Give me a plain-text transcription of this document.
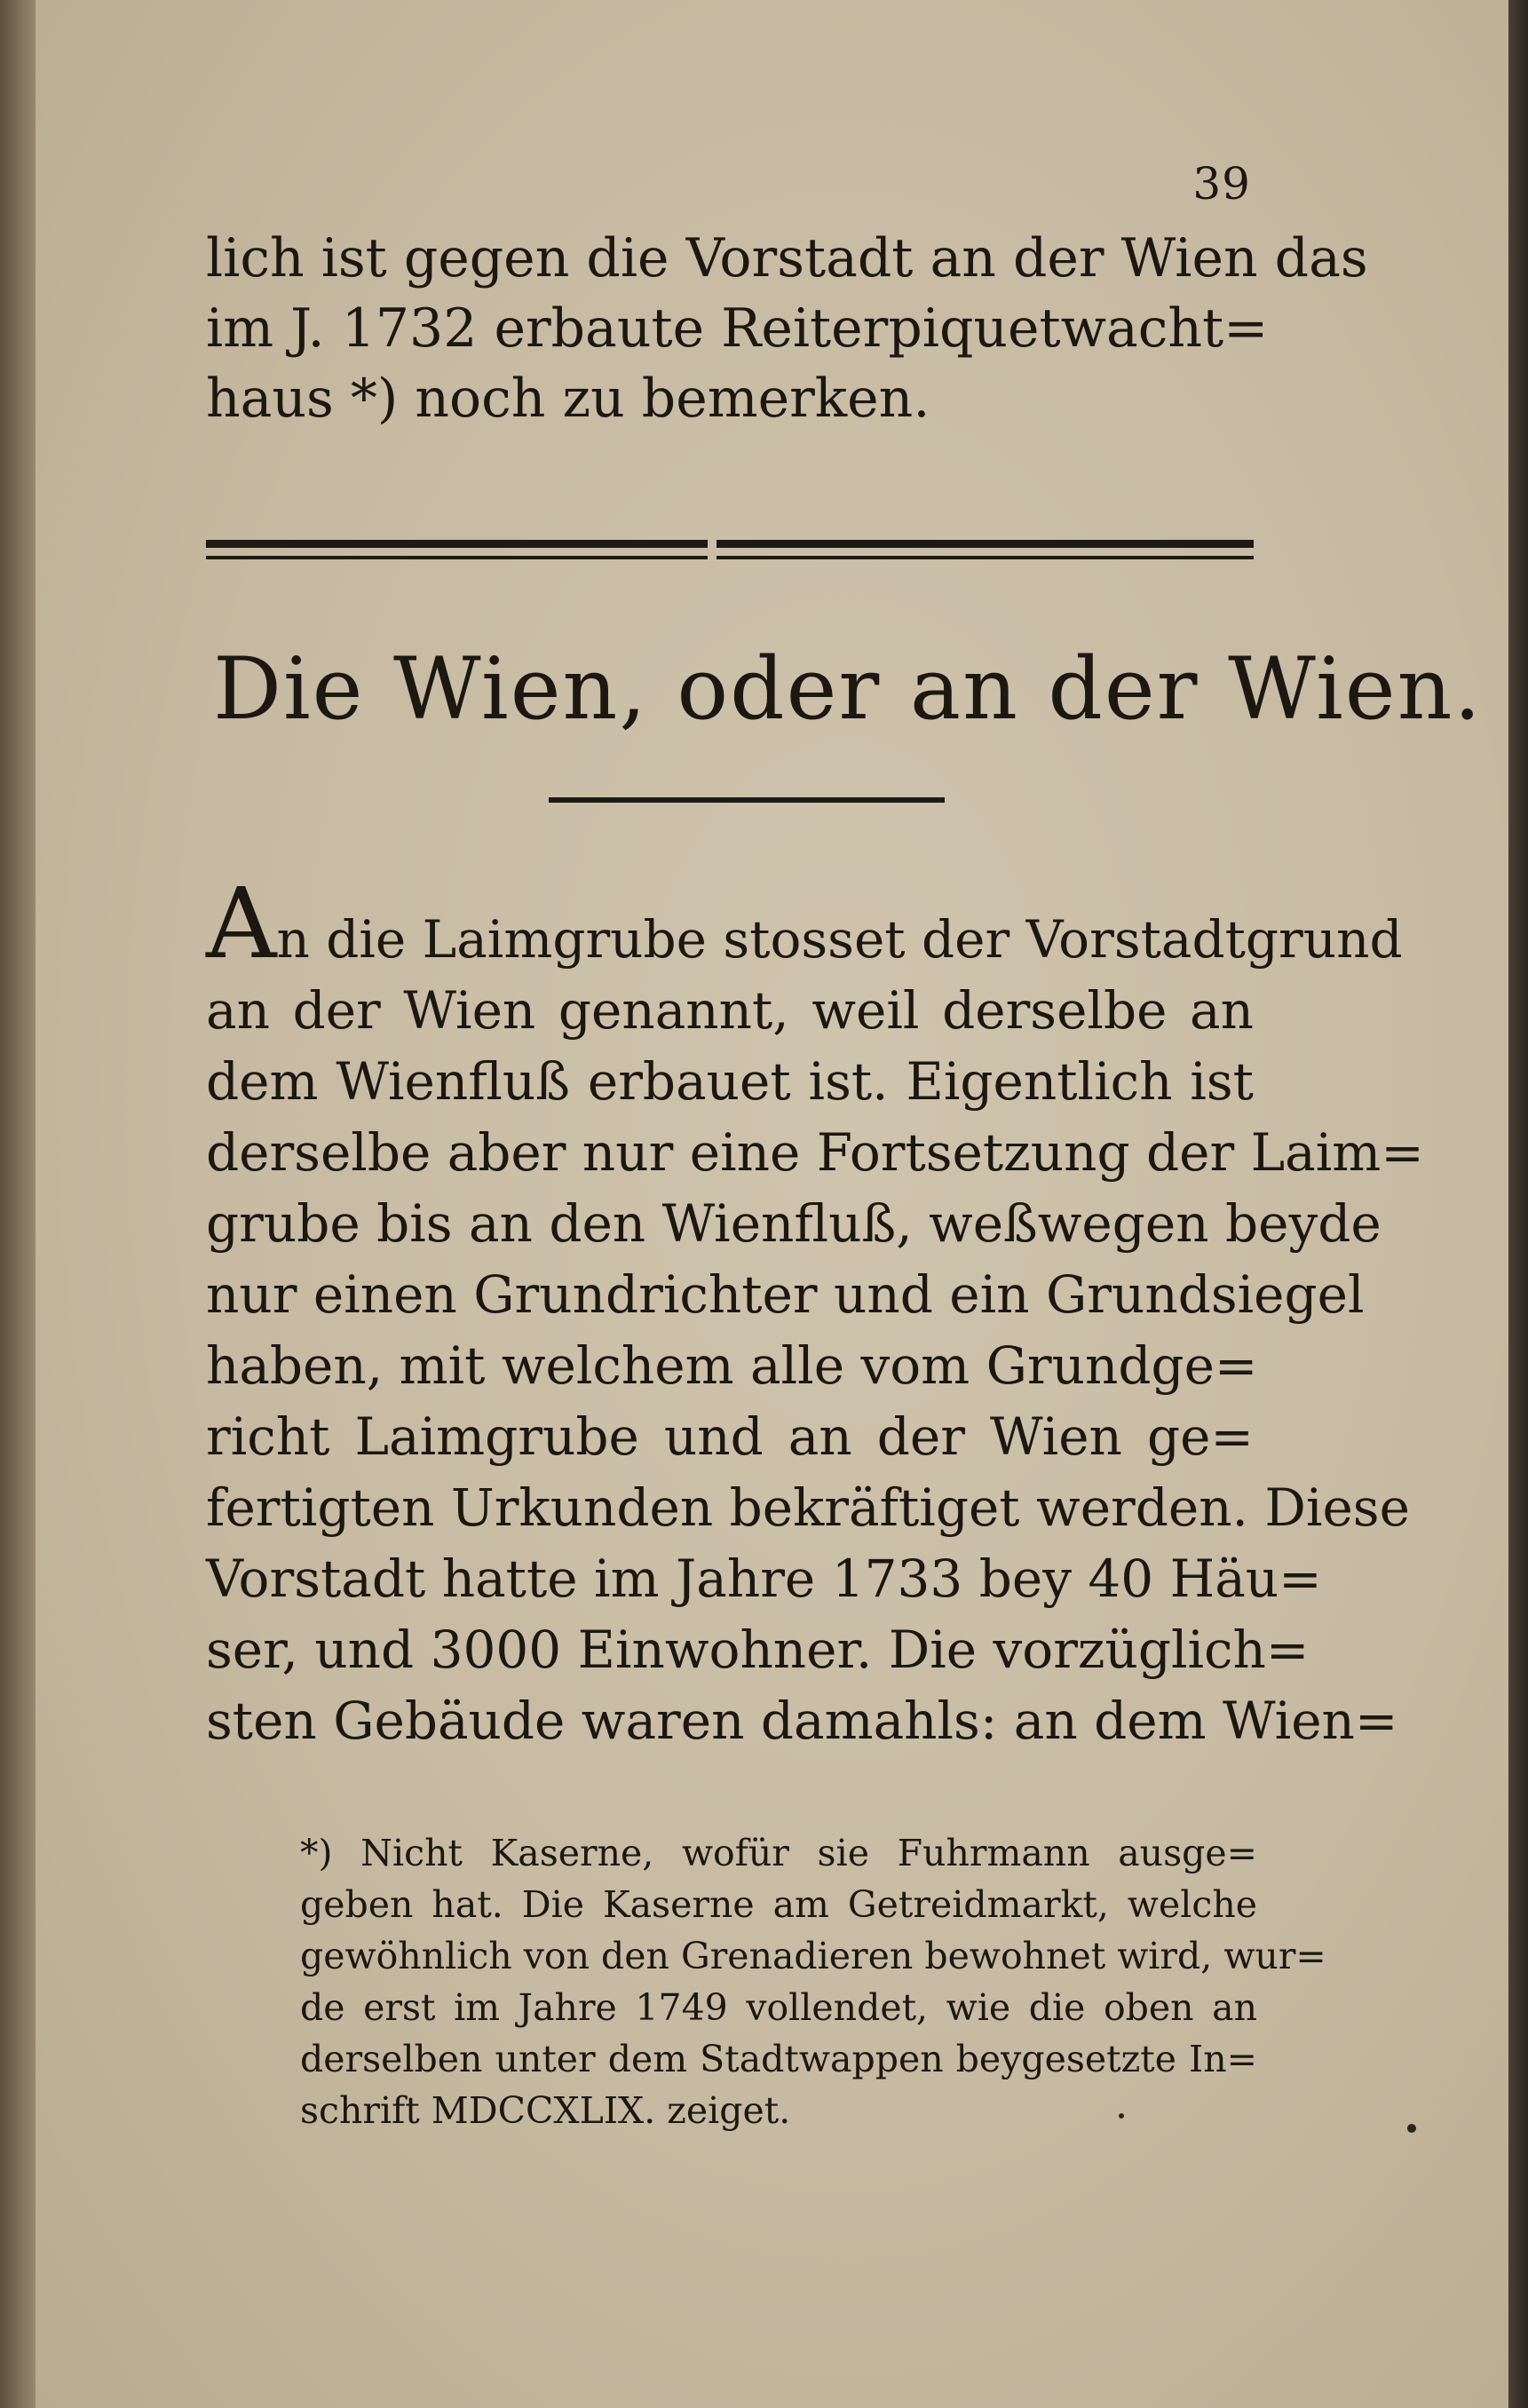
39
lich ist gegen die Vorstadt an der Wien das
im J. 1732 erbaute Reiterpiquetwacht=
haus *) noch zu bemerken.
Die Wien, oder an der Wien.
An die Laimgrube stosset der Vorstadtgrund
an der Wien genannt, weil derselbe an
dem Wienfluß erbauet ist. Eigentlich ist
derselbe aber nur eine Fortsetzung der Laim=
grube bis an den Wienfluß, weßwegen beyde
nur einen Grundrichter und ein Grundsiegel
haben, mit welchem alle vom Grundge=
richt Laimgrube und an der Wien ge=
fertigten Urkunden bekräftiget werden. Diese
Vorstadt hatte im Jahre 1733 bey 40 Häu=
ser, und 3000 Einwohner. Die vorzüglich=
sten Gebäude waren damahls: an dem Wien=
*) Nicht Kaserne, wofür sie Fuhrmann ausge=
geben hat. Die Kaserne am Getreidmarkt, welche
gewöhnlich von den Grenadieren bewohnet wird, wur=
de erst im Jahre 1749 vollendet, wie die oben an
derselben unter dem Stadtwappen beygesetzte In=
schrift MDCCXLIX. zeiget.
